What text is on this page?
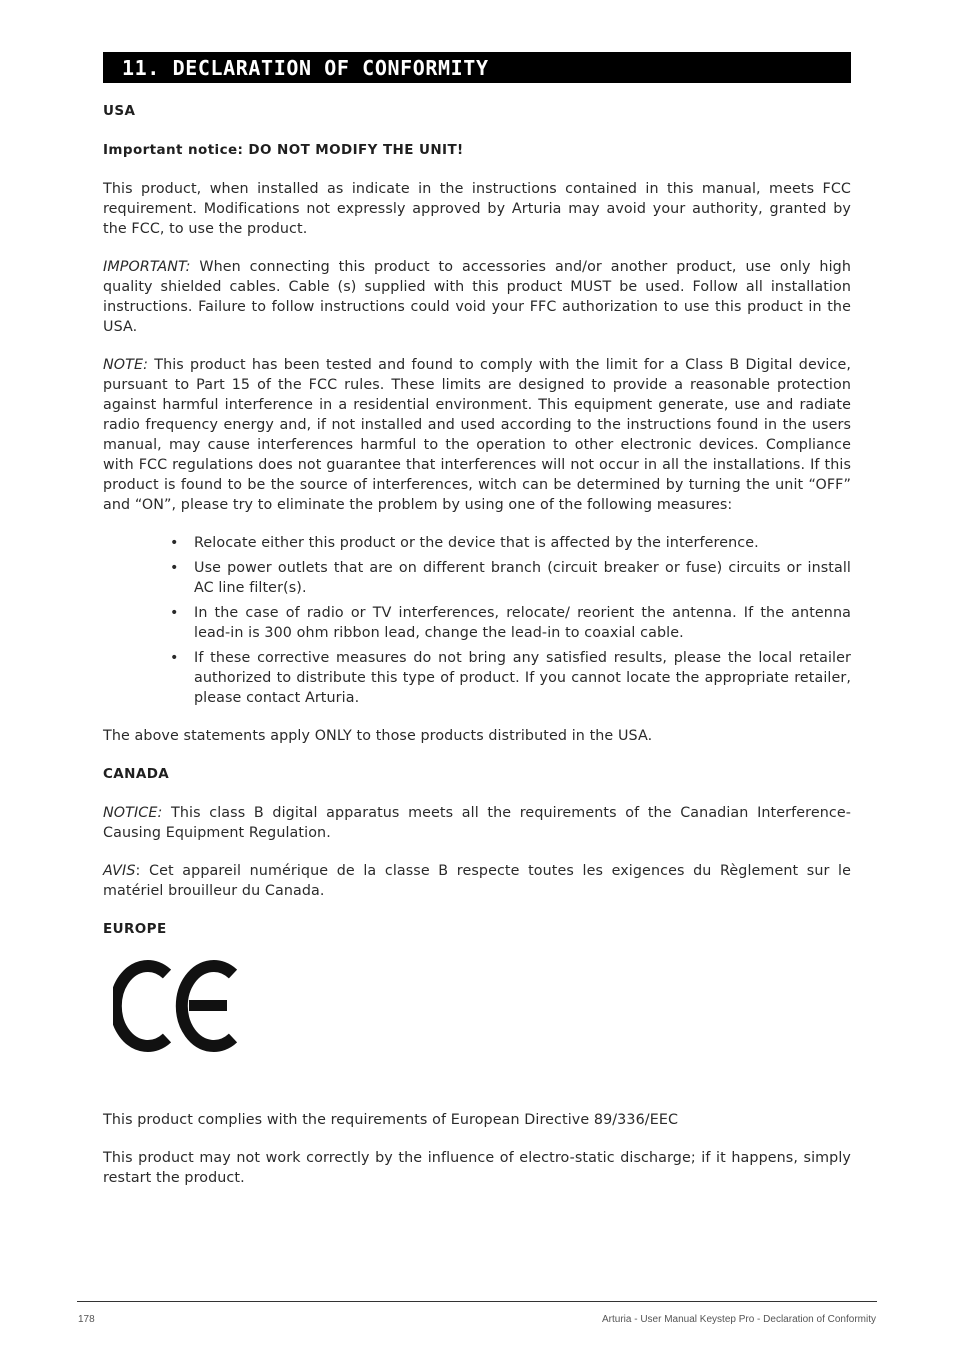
11. DECLARATION OF CONFORMITY
USA
Important notice: DO NOT MODIFY THE UNIT!

This product, when installed as indicate in the instructions contained in this manual, meets FCC requirement. Modifications not expressly approved by Arturia may avoid your authority, granted by the FCC, to use the product.

IMPORTANT: When connecting this product to accessories and/or another product, use only high quality shielded cables. Cable (s) supplied with this product MUST be used. Follow all installation instructions. Failure to follow instructions could void your FFC authorization to use this product in the USA.

NOTE: This product has been tested and found to comply with the limit for a Class B Digital device, pursuant to Part 15 of the FCC rules. These limits are designed to provide a reasonable protection against harmful interference in a residential environment. This equipment generate, use and radiate radio frequency energy and, if not installed and used according to the instructions found in the users manual, may cause interferences harmful to the operation to other electronic devices. Compliance with FCC regulations does not guarantee that interferences will not occur in all the installations. If this product is found to be the source of interferences, witch can be determined by turning the unit “OFF” and “ON”, please try to eliminate the problem by using one of the following measures:

• Relocate either this product or the device that is affected by the interference.
• Use power outlets that are on different branch (circuit breaker or fuse) circuits or install AC line filter(s).
• In the case of radio or TV interferences, relocate/ reorient the antenna. If the antenna lead-in is 300 ohm ribbon lead, change the lead-in to coaxial cable.
• If these corrective measures do not bring any satisfied results, please the local retailer authorized to distribute this type of product. If you cannot locate the appropriate retailer, please contact Arturia.

The above statements apply ONLY to those products distributed in the USA.

CANADA

NOTICE: This class B digital apparatus meets all the requirements of the Canadian Interference-Causing Equipment Regulation.

AVIS: Cet appareil numérique de la classe B respecte toutes les exigences du Règlement sur le matériel brouilleur du Canada.

EUROPE

This product complies with the requirements of European Directive 89/336/EEC

This product may not work correctly by the influence of electro-static discharge; if it happens, simply restart the product.

178	Arturia - User Manual Keystep Pro - Declaration of Conformity
